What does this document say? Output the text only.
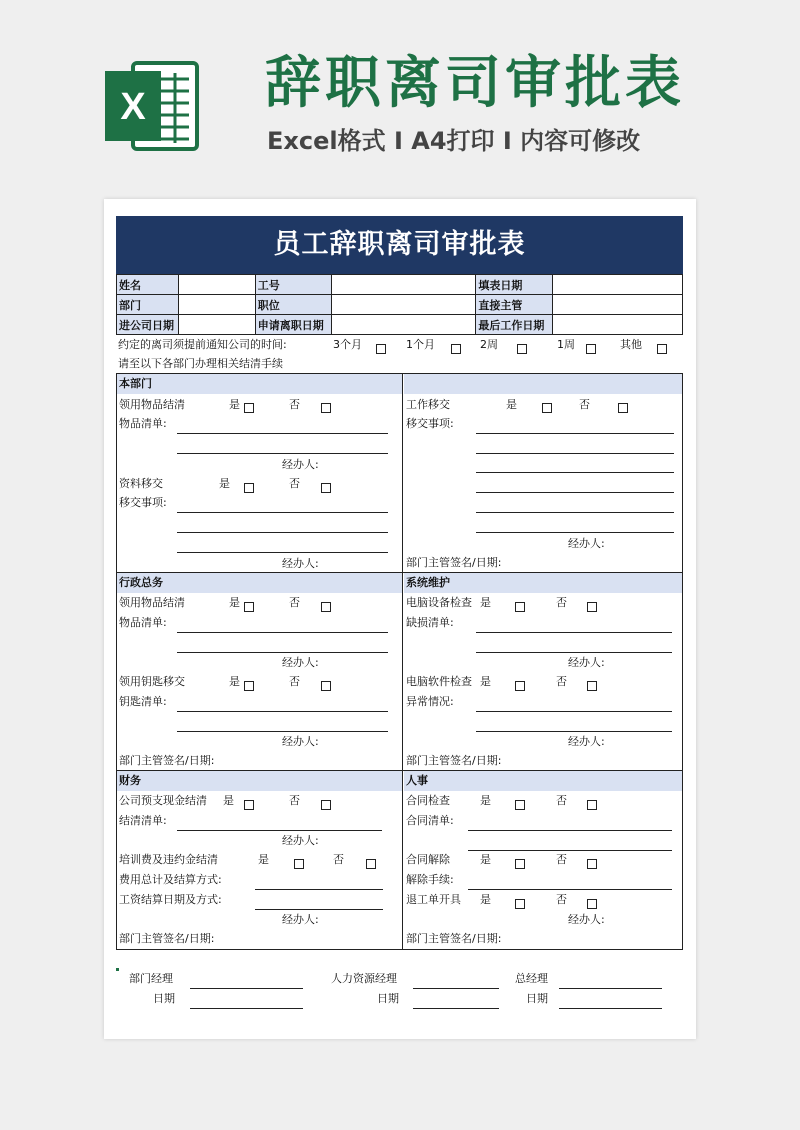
X 辞职离司审批表
Excel格式 Ⅰ A4打印 Ⅰ 内容可修改
员工辞职离司审批表
姓名		工号		填表日期	
部门		职位		直接主管	
进公司日期		申请离职日期		最后工作日期	
约定的离司须提前通知公司的时间:	3个月	1个月	2周	1周	其他
请至以下各部门办理相关结清手续
本部门
领用物品结清	是	否
物品清单:
经办人:
资料移交	是	否
移交事项:
经办人:
工作移交	是	否
移交事项:
经办人:
部门主管签名/日期:
行政总务
领用物品结清	是	否
物品清单:
经办人:
领用钥匙移交	是	否
钥匙清单:
经办人:
部门主管签名/日期:
系统维护
电脑设备检查 是	否
缺损清单:
经办人:
电脑软件检查 是	否
异常情况:
经办人:
部门主管签名/日期:
财务
公司预支现金结清 是	否
结清清单:
经办人:
培训费及违约金结清	是	否
费用总计及结算方式:
工资结算日期及方式:
经办人:
部门主管签名/日期:
人事
合同检查	是	否
合同清单:
合同解除	是	否
解除手续:
退工单开具 是	否
经办人:
部门主管签名/日期:
部门经理
日期
人力资源经理
日期
总经理
日期
